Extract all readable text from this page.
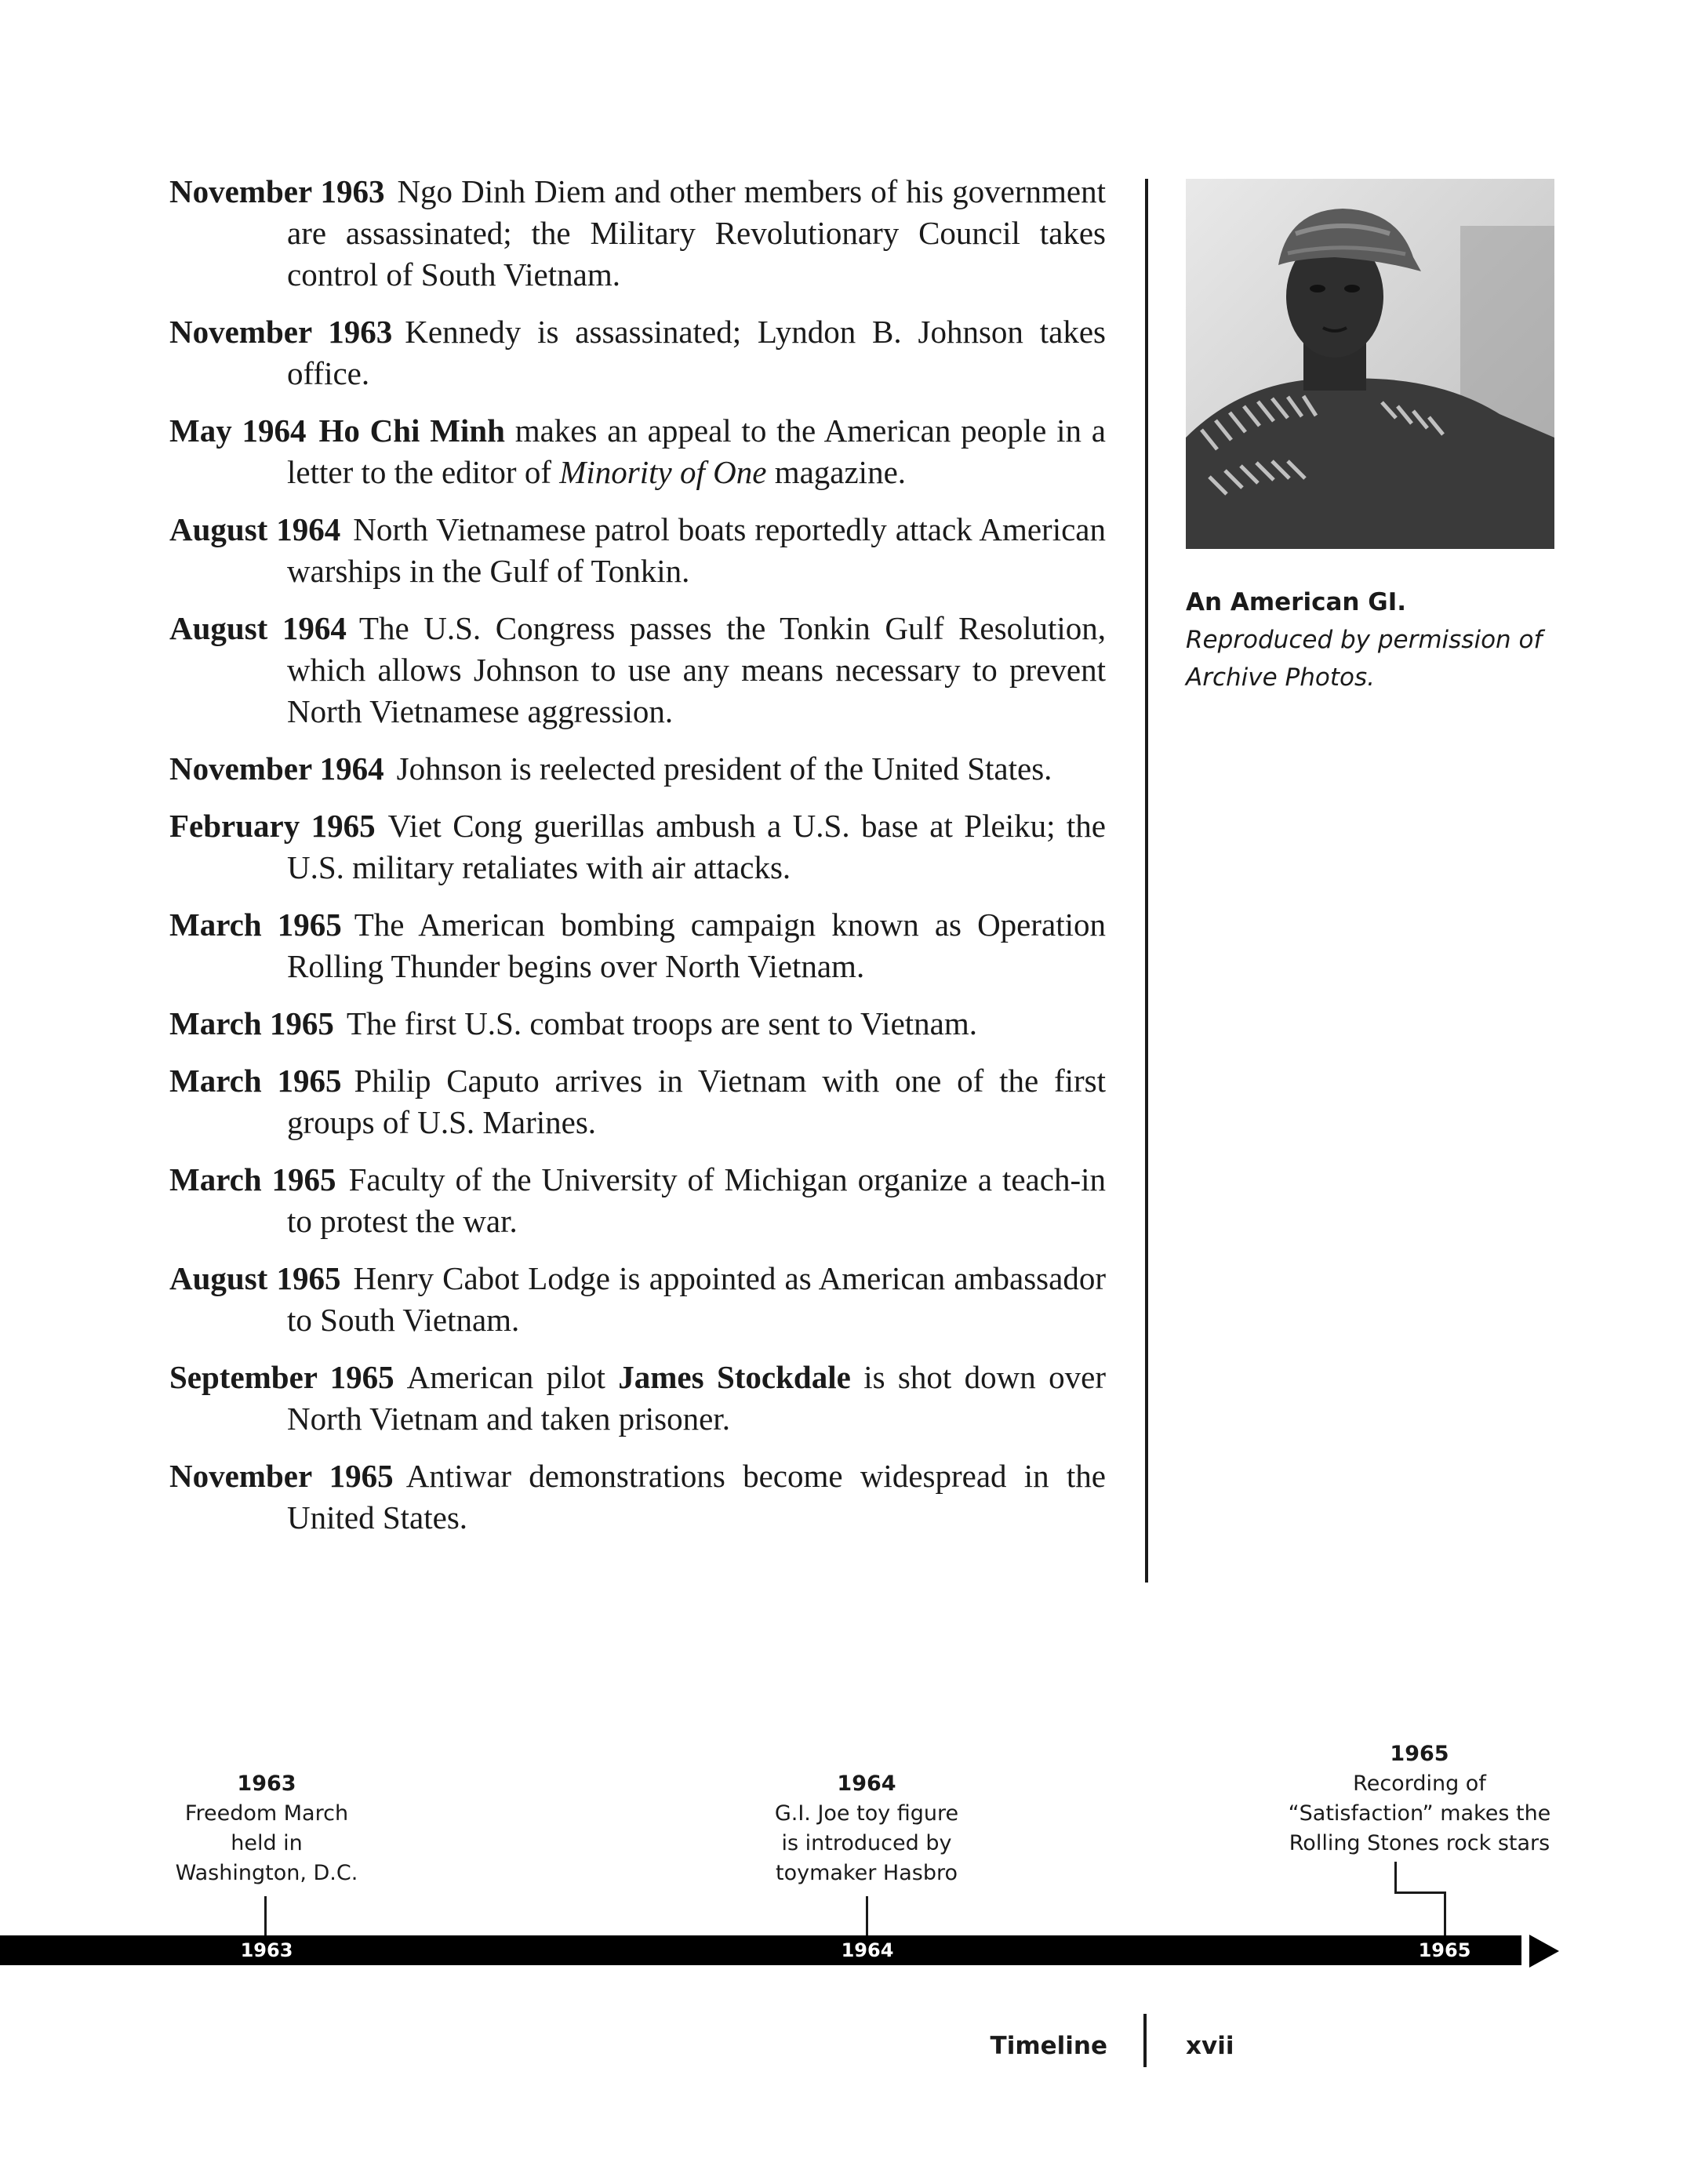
November 1963 Ngo Dinh Diem and other members of his government are assassinated; the Military Revolutionary Council takes control of South Vietnam.

November 1963 Kennedy is assassinated; Lyndon B. Johnson takes office.

May 1964 Ho Chi Minh makes an appeal to the American people in a letter to the editor of Minority of One magazine.

August 1964 North Vietnamese patrol boats reportedly attack American warships in the Gulf of Tonkin.

August 1964 The U.S. Congress passes the Tonkin Gulf Resolution, which allows Johnson to use any means necessary to prevent North Vietnamese aggression.

November 1964 Johnson is reelected president of the United States.

February 1965 Viet Cong guerillas ambush a U.S. base at Pleiku; the U.S. military retaliates with air attacks.

March 1965 The American bombing campaign known as Operation Rolling Thunder begins over North Vietnam.

March 1965 The first U.S. combat troops are sent to Vietnam.

March 1965 Philip Caputo arrives in Vietnam with one of the first groups of U.S. Marines.

March 1965 Faculty of the University of Michigan organize a teach-in to protest the war.

August 1965 Henry Cabot Lodge is appointed as American ambassador to South Vietnam.

September 1965 American pilot James Stockdale is shot down over North Vietnam and taken prisoner.

November 1965 Antiwar demonstrations become widespread in the United States.

An American GI.
Reproduced by permission of Archive Photos.
1963
Freedom March
held in
Washington, D.C.
1964
G.I. Joe toy figure
is introduced by
toymaker Hasbro
1965
Recording of
“Satisfaction” makes the
Rolling Stones rock stars
1963	1964	1965
Timeline	xvii
